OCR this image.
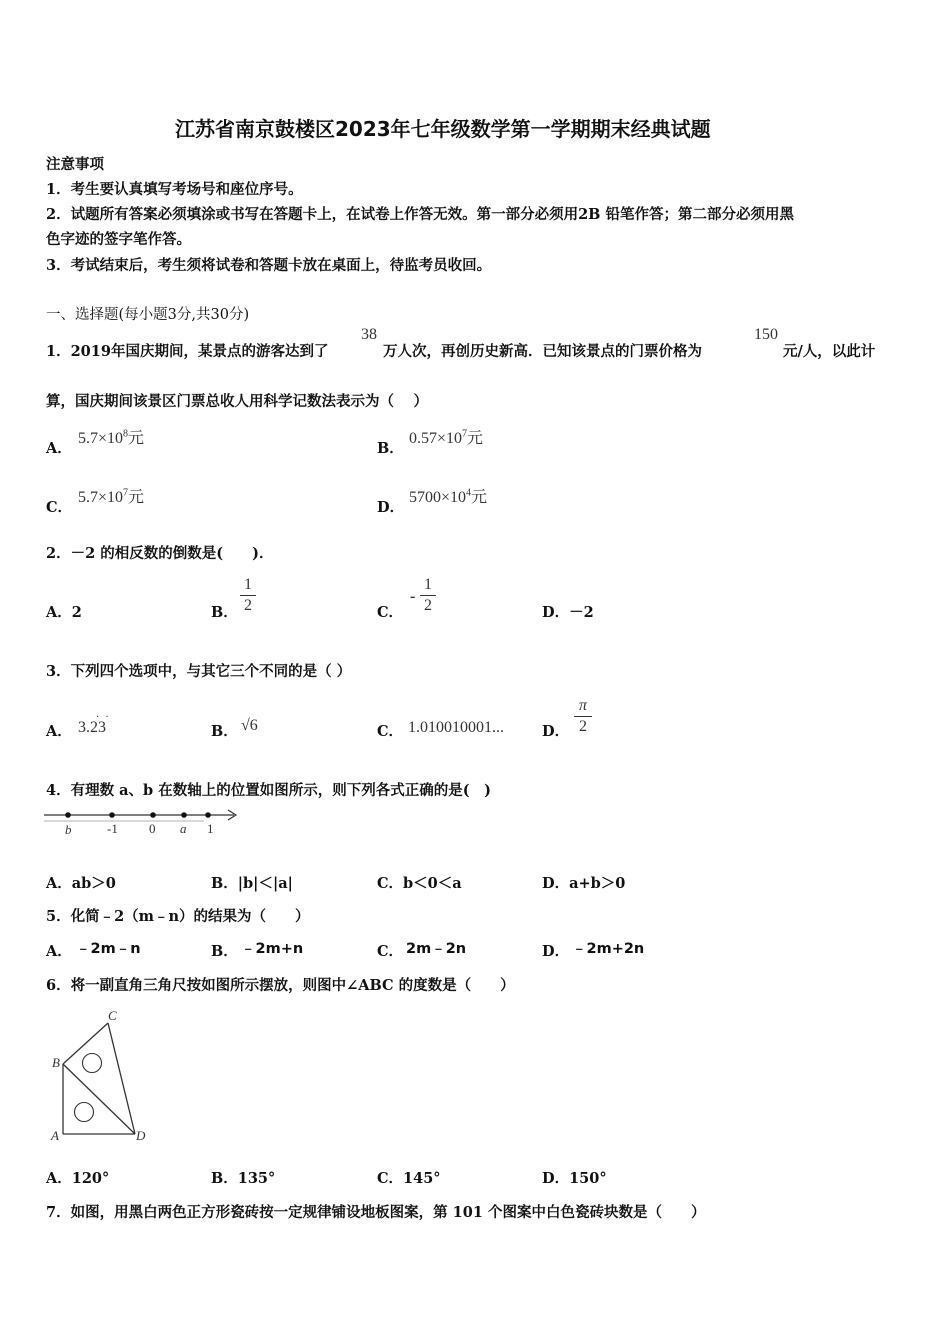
江苏省南京鼓楼区2023年七年级数学第一学期期末经典试题
注意事项
1．考生要认真填写考场号和座位序号。
2．试题所有答案必须填涂或书写在答题卡上，在试卷上作答无效。第一部分必须用2B 铅笔作答；第二部分必须用黑
色字迹的签字笔作答。
3．考试结束后，考生须将试卷和答题卡放在桌面上，待监考员收回。
一、选择题(每小题3分,共30分)
1．2019年国庆期间，某景点的游客达到了
38
万人次，再创历史新高．已知该景点的门票价格为
150
元/人，以此计
算，国庆期间该景区门票总收人用科学记数法表示为（　 ）
A．
$5.7\times 10^8$元
B．
$0.57\times 10^7$元
C．
$5.7\times 10^7$元
D．
$5700\times 10^4$元
2．－2 的相反数的倒数是(　　)．
A．2	B．
1
2	C．
-
1
2	D．－2
3．下列四个选项中，与其它三个不同的是（ ）
A． 3.23
·  ·
B． √6	C． 1.010010001...	D．
π
2
4．有理数 a、b 在数轴上的位置如图所示，则下列各式正确的是(　)
b	-1 0 a 1
A．ab＞0	B．|b|＜|a|	C．b＜0＜a	D．a+b＞0
5．化简﹣2（m﹣n）的结果为（　　）
A． ﹣2m﹣n	B． ﹣2m+n	C． 2m﹣2n	D． ﹣2m+2n
6．将一副直角三角尺按如图所示摆放，则图中∠ABC 的度数是（　　）
C
B
A	D
A．120°	B．135°	C．145°	D．150°
7．如图，用黑白两色正方形瓷砖按一定规律铺设地板图案，第 101 个图案中白色瓷砖块数是（　　）
